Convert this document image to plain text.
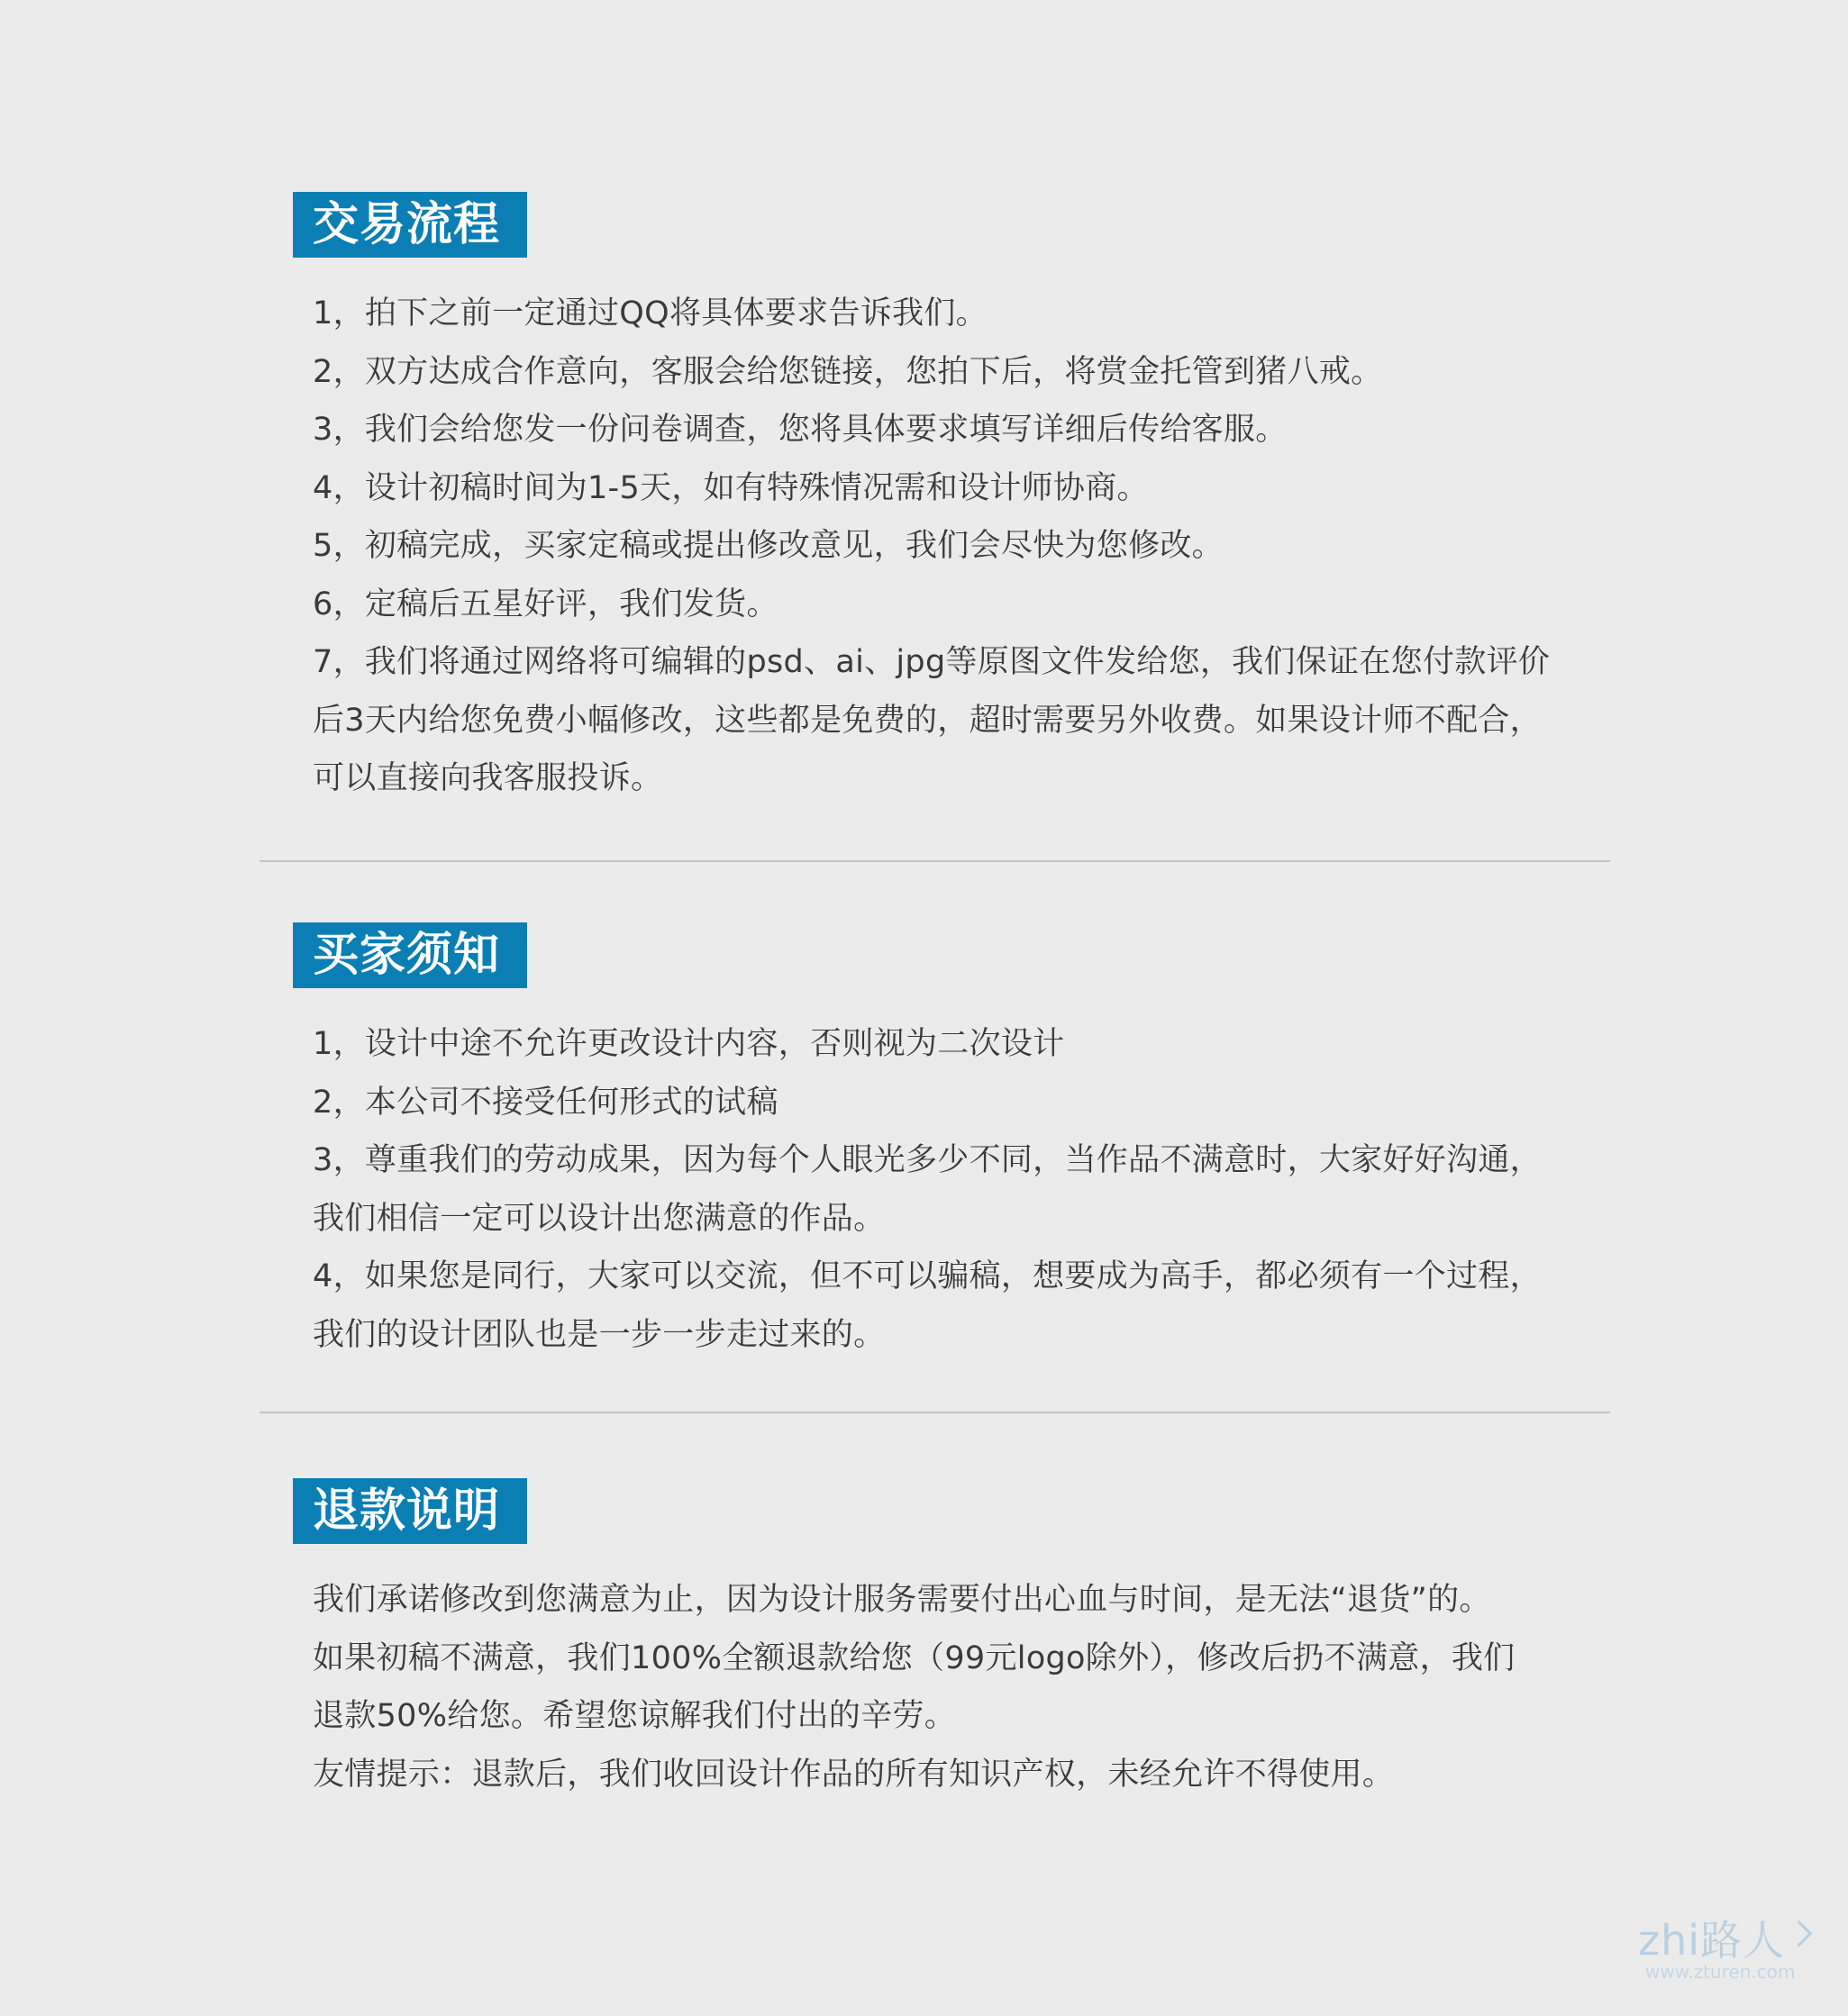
交易流程
1，拍下之前一定通过QQ将具体要求告诉我们。
2，双方达成合作意向，客服会给您链接，您拍下后，将赏金托管到猪八戒。
3，我们会给您发一份问卷调查，您将具体要求填写详细后传给客服。
4，设计初稿时间为1-5天，如有特殊情况需和设计师协商。
5，初稿完成，买家定稿或提出修改意见，我们会尽快为您修改。
6，定稿后五星好评，我们发货。
7，我们将通过网络将可编辑的psd、ai、jpg等原图文件发给您，我们保证在您付款评价
后3天内给您免费小幅修改，这些都是免费的，超时需要另外收费。如果设计师不配合，
可以直接向我客服投诉。
买家须知
1，设计中途不允许更改设计内容，否则视为二次设计
2，本公司不接受任何形式的试稿
3，尊重我们的劳动成果，因为每个人眼光多少不同，当作品不满意时，大家好好沟通，
我们相信一定可以设计出您满意的作品。
4，如果您是同行，大家可以交流，但不可以骗稿，想要成为高手，都必须有一个过程，
我们的设计团队也是一步一步走过来的。
退款说明
我们承诺修改到您满意为止，因为设计服务需要付出心血与时间，是无法“退货”的。
如果初稿不满意，我们100%全额退款给您（99元logo除外），修改后扔不满意，我们
退款50%给您。希望您谅解我们付出的辛劳。
友情提示：退款后，我们收回设计作品的所有知识产权，未经允许不得使用。
zhi路人
www.zturen.com
